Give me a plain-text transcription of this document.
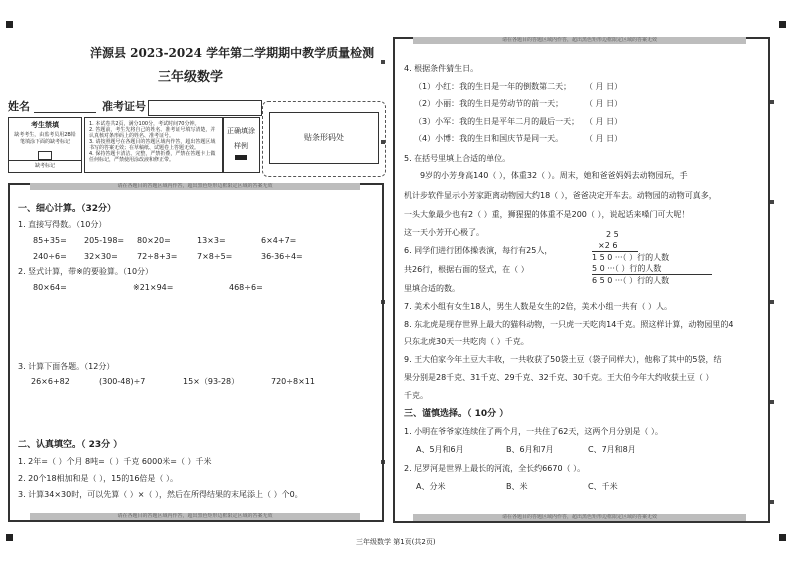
洋源县 2023-2024 学年第二学期期中教学质量检测
三年级数学
姓名	准考证号
考生禁填
缺考考生，由监考员用2B铅笔填涂下面的缺考标记
缺考标记
1. 本试卷共2页，满分100分，考试时间70分钟。
2. 答题前，考生先将自己的姓名、准考证号填写清楚，并认真核对条形码上的姓名、准考证号。
3. 请按照题号在各题目的答题区域内作答，超出答题区域书写的答案无效；在草稿纸、试题卷上答题无效。
4. 保持答题卡清洁、完整，严禁折叠，严禁在答题卡上做任何标记，严禁使用涂改液和修正带。
正确填涂
样例
贴条形码处
请在各题目的答题区域内作答，超出黑色矩形边框限定区域的答案无效
请在各题目的答题区域内作答，超出黑色矩形边框限定区域的答案无效
一、细心计算。（32分）
1. 直接写得数。（10分）
85+35= 205-198= 80×20=	13×3=	6×4+7=
240÷6= 32×30= 72÷8+3= 7×8÷5=	36-36÷4=
2. 竖式计算，带※的要验算。（10分）
80×64=	※21×94=	468÷6=
3. 计算下面各题。（12分）
26×6+82	(300-48)÷7	15×（93-28）	720÷8×11
二、认真填空。（ 23分 ）
1. 2年=（ ）个月 8吨=（ ）千克 6000米=（ ）千米
2. 20个18相加和是（ ），15的16倍是（ ）。
3. 计算34×30时，可以先算（ ）×（ ），然后在所得结果的末尾添上（ ）个0。
请在各题目的答题区域内作答，超出黑色矩形边框限定区域的答案无效
请在各题目的答题区域内作答，超出黑色矩形边框限定区域的答案无效
4. 根据条件猜生日。
（1）小红：我的生日是一年的倒数第二天； （ 月 日）
（2）小丽：我的生日是劳动节的前一天；	（ 月 日）
（3）小军：我的生日是平年二月的最后一天； （ 月 日）
（4）小博：我的生日和国庆节是同一天。	（ 月 日）
5. 在括号里填上合适的单位。
9岁的小芳身高140（ ），体重32（ ）。周末，她和爸爸妈妈去动物园玩，手
机计步软件显示小芳家距离动物园大约18（ ），爸爸决定开车去。动物园的动物可真多，
一头大象最少也有2（ ）重，狮猩猩的体重不是200（ ），说起话来嗓门可大呢！
这一天小芳开心极了。
6. 同学们进行团体操表演，每行有25人，
共26行，根据右面的竖式，在（ ）
里填合适的数。
2 5
×2 6
1 5 0 ···（ ）行的人数
5 0 ···（ ）行的人数
6 5 0 ···（ ）行的人数
7. 美术小组有女生18人，男生人数是女生的2倍，美术小组一共有（ ）人。
8. 东北虎是现存世界上最大的猫科动物，一只虎一天吃肉14千克。照这样计算，动物园里的4
只东北虎30天一共吃肉（ ）千克。
9. 王大伯家今年土豆大丰收，一共收获了50袋土豆（袋子同样大），他称了其中的5袋，结
果分别是28千克、31千克、29千克、32千克、30千克。王大伯今年大约收获土豆（ ）
千克。
三、谨慎选择。（ 10分 ）
1. 小明在爷爷家连续住了两个月，一共住了62天，这两个月分别是（ ）。
A、5月和6月	B、6月和7月	C、7月和8月
2. 尼罗河是世界上最长的河流，全长约6670（ ）。
A、分米	B、米	C、千米
三年级数学 第1页(共2页)
